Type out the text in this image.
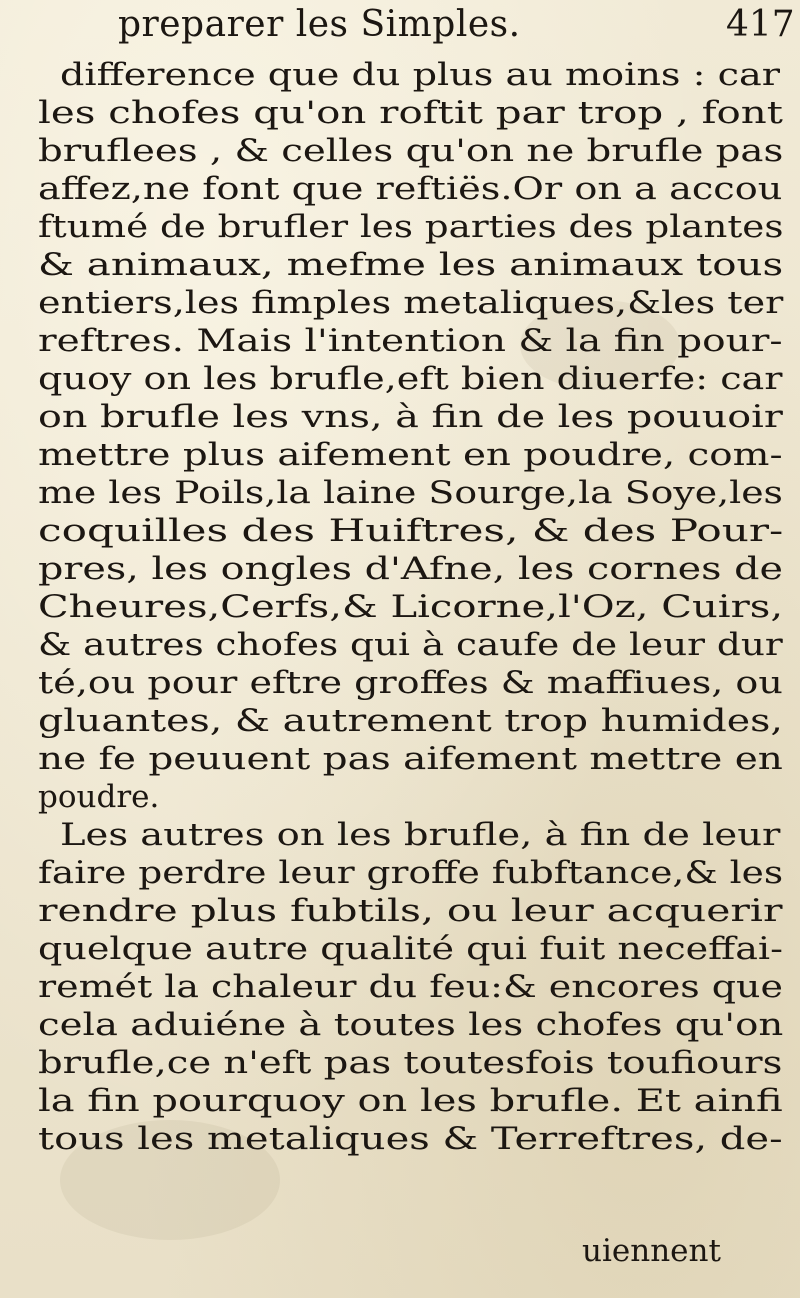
preparer les Simples.	417
difference que du plus au moins : car
les chofes qu'on roftit par trop , font
bruflees , & celles qu'on ne brufle pas
affez,ne font que reftiës.Or on a accou
ftumé de brufler les parties des plantes
& animaux, mefme les animaux tous
entiers,les fimples metaliques,&les ter
reftres. Mais l'intention & la fin pour-
quoy on les brufle,eft bien diuerfe: car
on brufle les vns, à fin de les pouuoir
mettre plus aifement en poudre, com-
me les Poils,la laine Sourge,la Soye,les
coquilles des Huiftres, & des Pour-
pres, les ongles d'Afne, les cornes de
Cheures,Cerfs,& Licorne,l'Oz, Cuirs,
& autres chofes qui à caufe de leur dur
té,ou pour eftre groffes & maffiues, ou
gluantes, & autrement trop humides,
ne fe peuuent pas aifement mettre en
poudre.
Les autres on les brufle, à fin de leur
faire perdre leur groffe fubftance,& les
rendre plus fubtils, ou leur acquerir
quelque autre qualité qui fuit neceffai-
remét la chaleur du feu:& encores que
cela aduiéne à toutes les chofes qu'on
brufle,ce n'eft pas toutesfois toufiours
la fin pourquoy on les brufle. Et ainfi
tous les metaliques & Terreftres, de-
uiennent
